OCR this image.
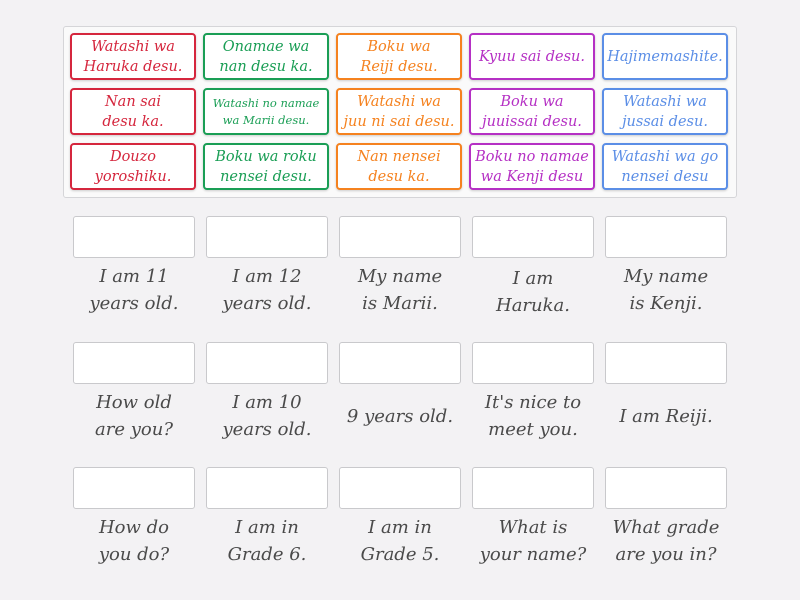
Watashi wa
Haruka desu.
Onamae wa
nan desu ka.
Boku wa
Reiji desu.
Kyuu sai desu. Hajimemashite.
Nan sai
desu ka.
Watashi no namae
wa Marii desu.
Watashi wa
juu ni sai desu.
Boku wa
juuissai desu.
Watashi wa
jussai desu.
Douzo
yoroshiku.
Boku wa roku
nensei desu.
Nan nensei
desu ka.
Boku no namae
wa Kenji desu
Watashi wa go
nensei desu
I am 11
years old.
I am 12
years old.
My name
is Marii.
I am
Haruka.
My name
is Kenji.
How old
are you?
I am 10
years old.
9 years old.
It's nice to
meet you.
I am Reiji.
How do
you do?
I am in
Grade 6.
I am in
Grade 5.
What is
your name?
What grade
are you in?
